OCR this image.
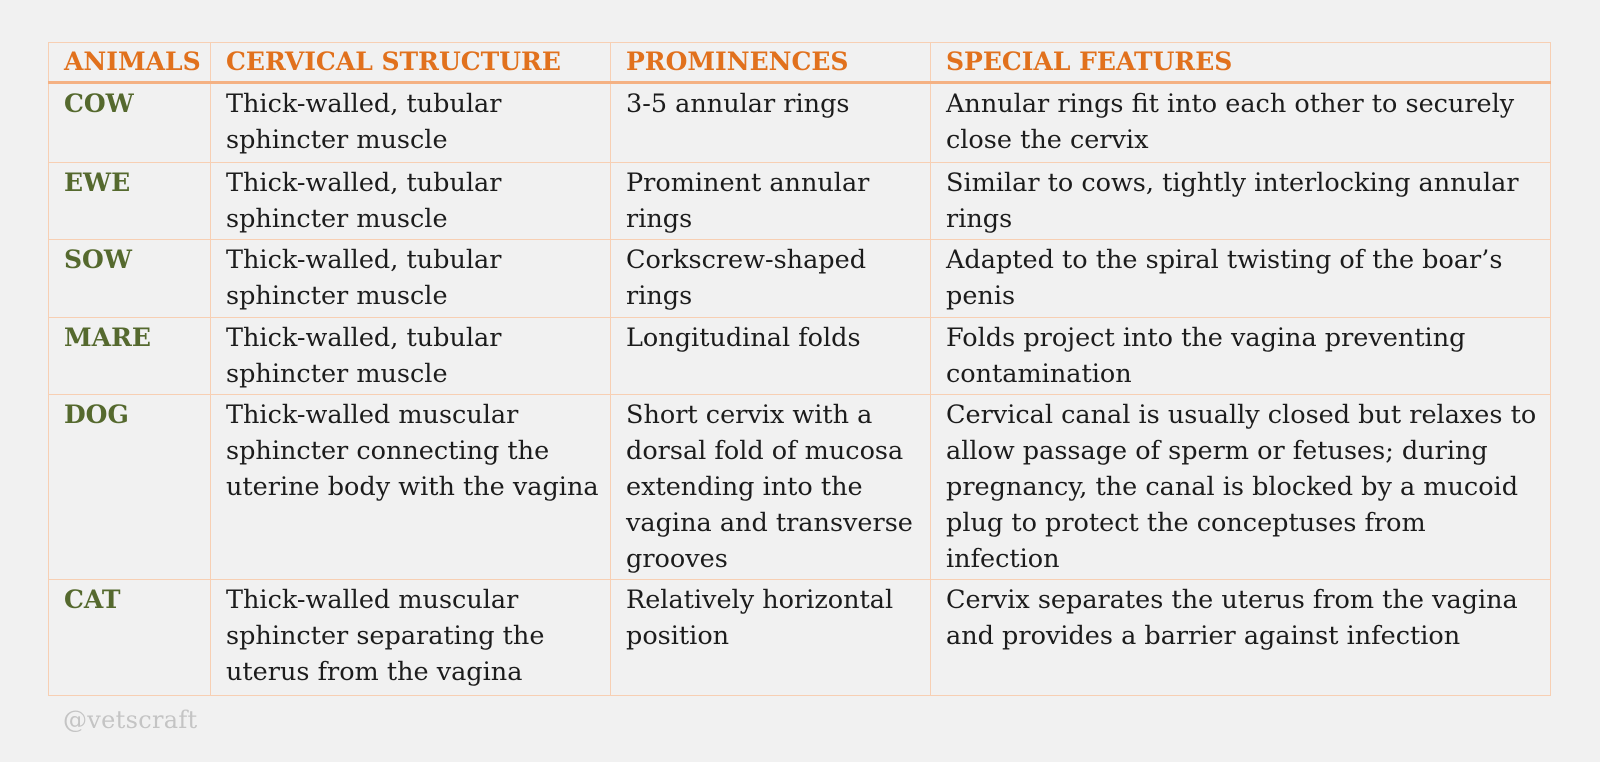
ANIMALS	CERVICAL STRUCTURE	PROMINENCES	SPECIAL FEATURES
COW	Thick-walled, tubular sphincter muscle	3-5 annular rings	Annular rings fit into each other to securely close the cervix
EWE	Thick-walled, tubular sphincter muscle	Prominent annular rings	Similar to cows, tightly interlocking annular rings
SOW	Thick-walled, tubular sphincter muscle	Corkscrew-shaped rings	Adapted to the spiral twisting of the boar’s penis
MARE	Thick-walled, tubular sphincter muscle	Longitudinal folds	Folds project into the vagina preventing contamination
DOG	Thick-walled muscular sphincter connecting the uterine body with the vagina	Short cervix with a dorsal fold of mucosa extending into the vagina and transverse grooves	Cervical canal is usually closed but relaxes to allow passage of sperm or fetuses; during pregnancy, the canal is blocked by a mucoid plug to protect the conceptuses from infection
CAT	Thick-walled muscular sphincter separating the uterus from the vagina	Relatively horizontal position	Cervix separates the uterus from the vagina and provides a barrier against infection
@vetscraft
